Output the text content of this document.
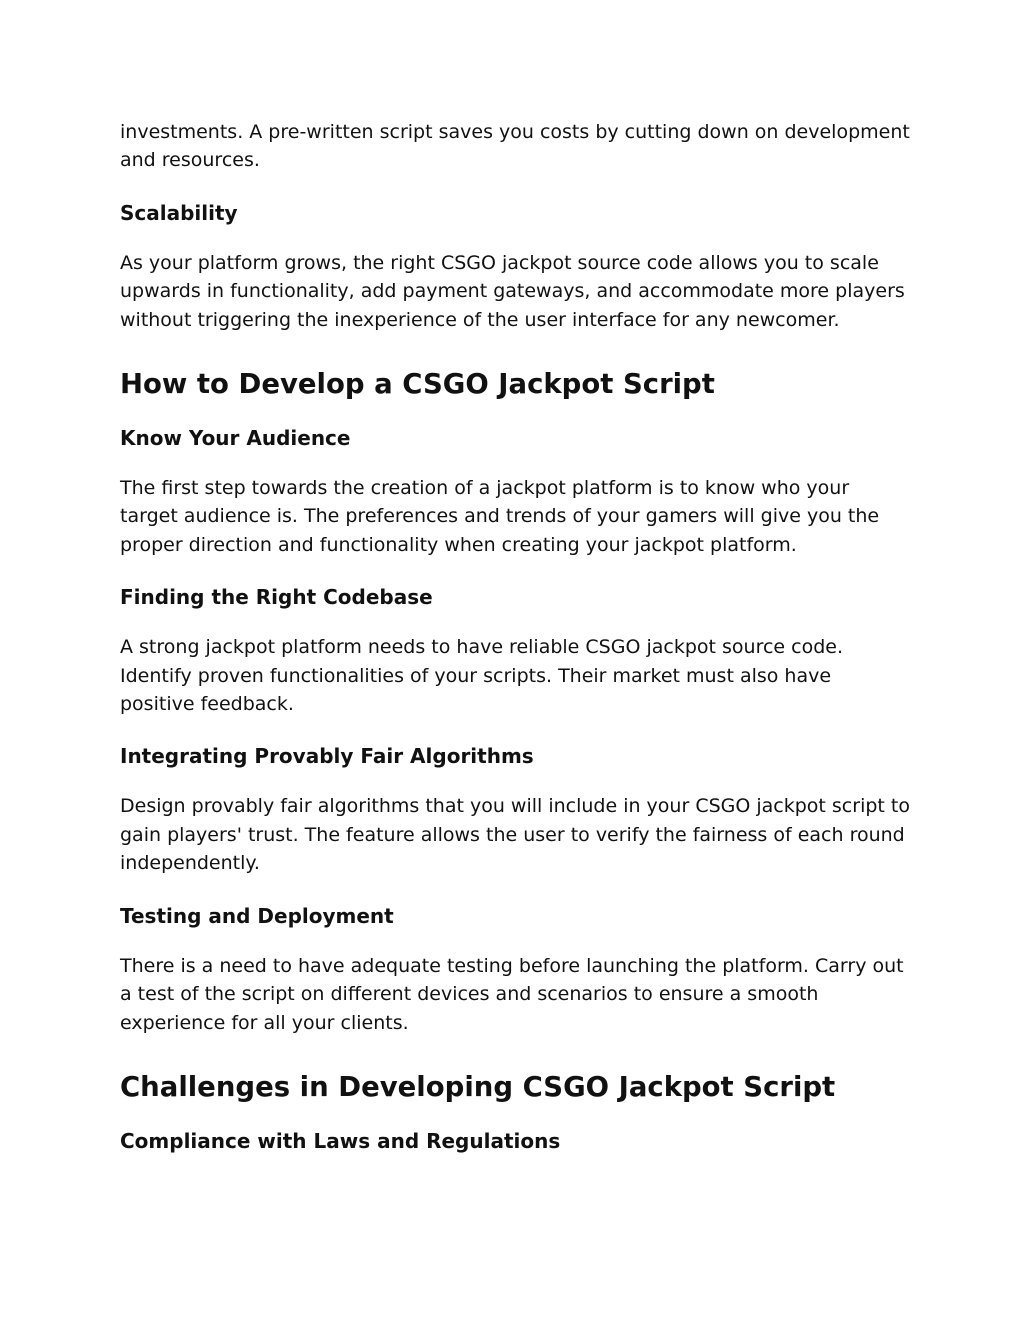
investments. A pre-written script saves you costs by cutting down on development and resources.

Scalability

As your platform grows, the right CSGO jackpot source code allows you to scale upwards in functionality, add payment gateways, and accommodate more players without triggering the inexperience of the user interface for any newcomer.

How to Develop a CSGO Jackpot Script
Know Your Audience

The first step towards the creation of a jackpot platform is to know who your target audience is. The preferences and trends of your gamers will give you the proper direction and functionality when creating your jackpot platform.

Finding the Right Codebase

A strong jackpot platform needs to have reliable CSGO jackpot source code. Identify proven functionalities of your scripts. Their market must also have positive feedback.

Integrating Provably Fair Algorithms

Design provably fair algorithms that you will include in your CSGO jackpot script to gain players' trust. The feature allows the user to verify the fairness of each round independently.

Testing and Deployment

There is a need to have adequate testing before launching the platform. Carry out a test of the script on different devices and scenarios to ensure a smooth experience for all your clients.

Challenges in Developing CSGO Jackpot Script
Compliance with Laws and Regulations
